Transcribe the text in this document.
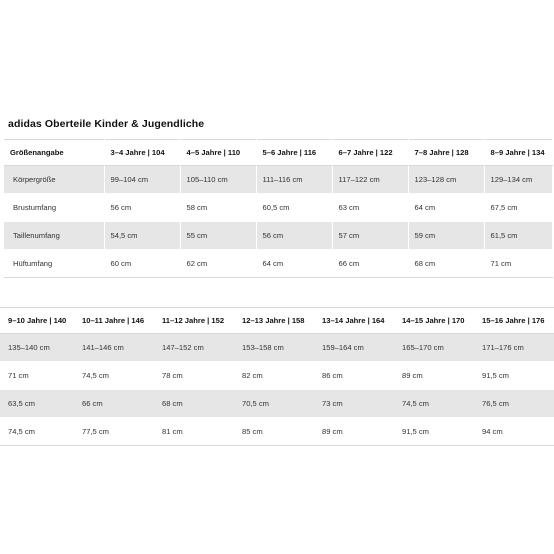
adidas Oberteile Kinder & Jugendliche
Größenangabe	3–4 Jahre | 104	4–5 Jahre | 110	5–6 Jahre | 116	6–7 Jahre | 122	7–8 Jahre | 128	8–9 Jahre | 134
Körpergröße	99–104 cm	105–110 cm	111–116 cm	117–122 cm	123–128 cm	129–134 cm
Brustumfang	56 cm	58 cm	60,5 cm	63 cm	64 cm	67,5 cm
Taillenumfang	54,5 cm	55 cm	56 cm	57 cm	59 cm	61,5 cm
Hüftumfang	60 cm	62 cm	64 cm	66 cm	68 cm	71 cm
9–10 Jahre | 140	10–11 Jahre | 146	11–12 Jahre | 152	12–13 Jahre | 158	13–14 Jahre | 164	14–15 Jahre | 170	15–16 Jahre | 176
135–140 cm	141–146 cm	147–152 cm	153–158 cm	159–164 cm	165–170 cm	171–176 cm
71 cm	74,5 cm	78 cm	82 cm	86 cm	89 cm	91,5 cm
63,5 cm	66 cm	68 cm	70,5 cm	73 cm	74,5 cm	76,5 cm
74,5 cm	77,5 cm	81 cm	85 cm	89 cm	91,5 cm	94 cm
